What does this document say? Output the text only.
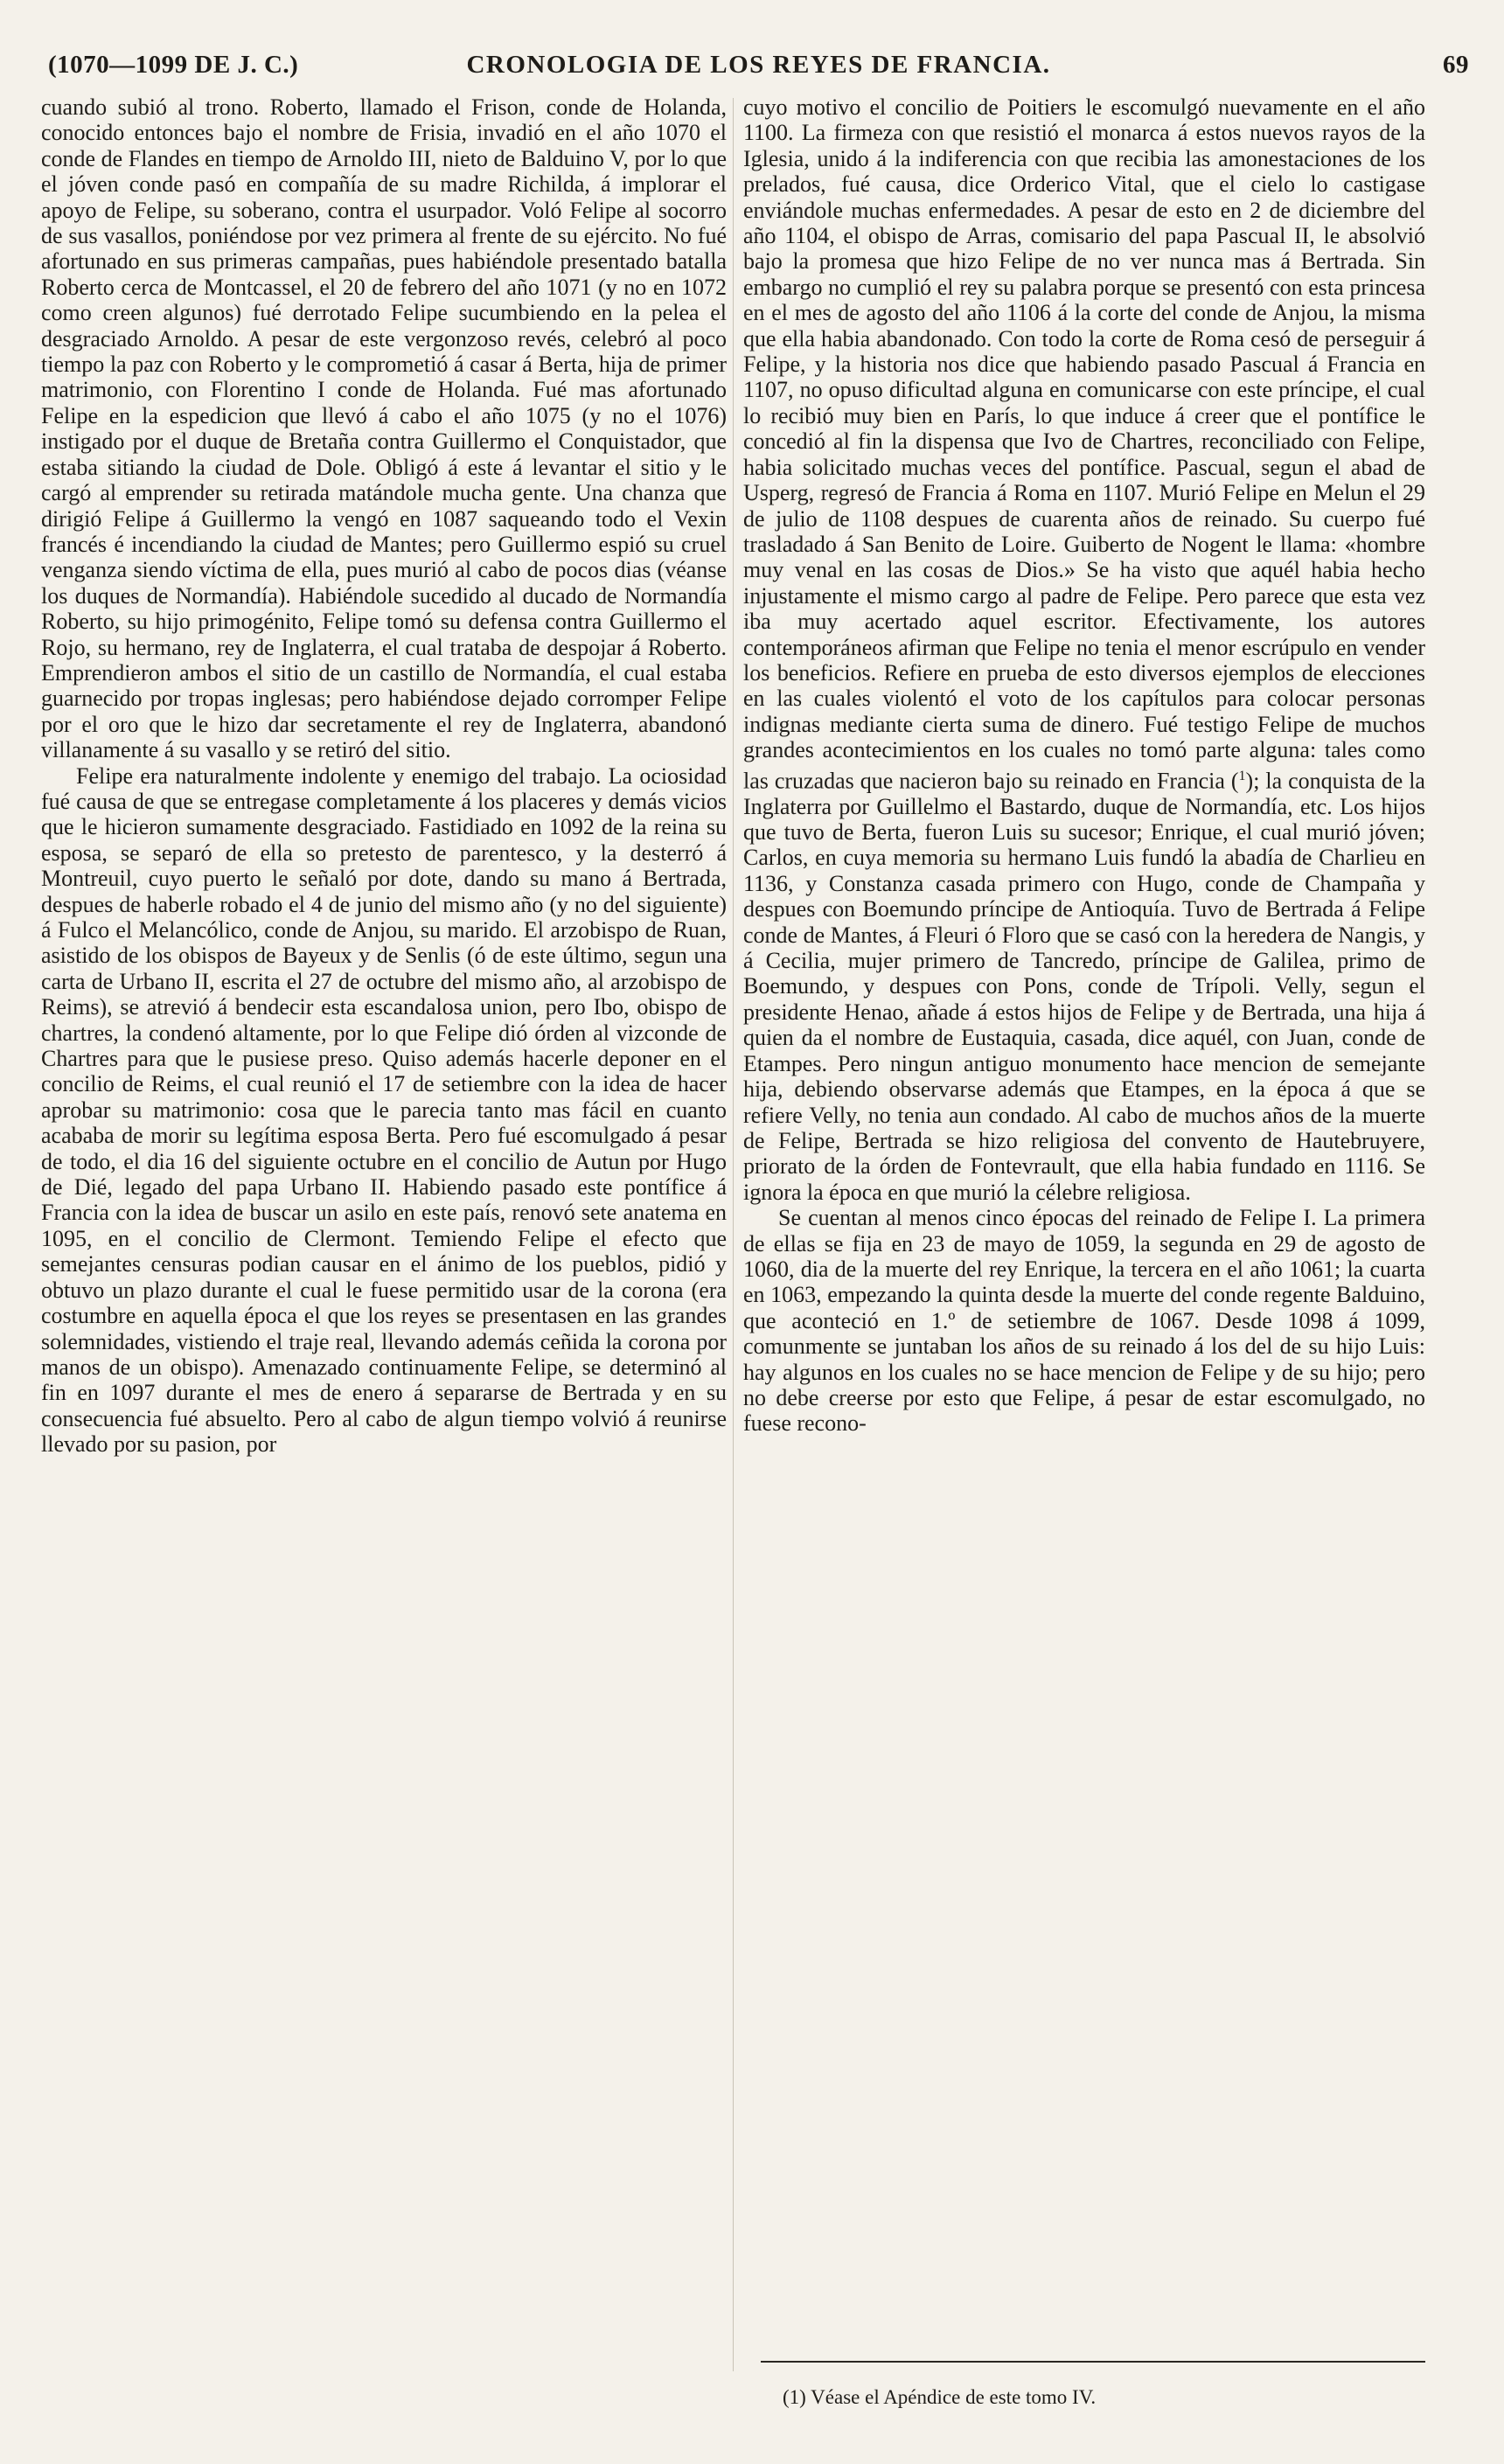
(1070—1099 DE J. C.)	CRONOLOGIA DE LOS REYES DE FRANCIA.	69

cuando subió al trono. Roberto, llamado el Frison, conde de Holanda, conocido entonces bajo el nombre de Frisia, invadió en el año 1070 el conde de Flandes en tiempo de Arnoldo III, nieto de Balduino V, por lo que el jóven conde pasó en compañía de su madre Richilda, á implorar el apoyo de Felipe, su soberano, contra el usurpador. Voló Felipe al socorro de sus vasallos, poniéndose por vez primera al frente de su ejército. No fué afortunado en sus primeras campañas, pues habiéndole presentado batalla Roberto cerca de Montcassel, el 20 de febrero del año 1071 (y no en 1072 como creen algunos) fué derrotado Felipe sucumbiendo en la pelea el desgraciado Arnoldo. A pesar de este vergonzoso revés, celebró al poco tiempo la paz con Roberto y le comprometió á casar á Berta, hija de primer matrimonio, con Florentino I conde de Holanda. Fué mas afortunado Felipe en la espedicion que llevó á cabo el año 1075 (y no el 1076) instigado por el duque de Bretaña contra Guillermo el Conquistador, que estaba sitiando la ciudad de Dole. Obligó á este á levantar el sitio y le cargó al emprender su retirada matándole mucha gente. Una chanza que dirigió Felipe á Guillermo la vengó en 1087 saqueando todo el Vexin francés é incendiando la ciudad de Mantes; pero Guillermo espió su cruel venganza siendo víctima de ella, pues murió al cabo de pocos dias (véanse los duques de Normandía). Habiéndole sucedido al ducado de Normandía Roberto, su hijo primogénito, Felipe tomó su defensa contra Guillermo el Rojo, su hermano, rey de Inglaterra, el cual trataba de despojar á Roberto. Emprendieron ambos el sitio de un castillo de Normandía, el cual estaba guarnecido por tropas inglesas; pero habiéndose dejado corromper Felipe por el oro que le hizo dar secretamente el rey de Inglaterra, abandonó villanamente á su vasallo y se retiró del sitio.

Felipe era naturalmente indolente y enemigo del trabajo. La ociosidad fué causa de que se entregase completamente á los placeres y demás vicios que le hicieron sumamente desgraciado. Fastidiado en 1092 de la reina su esposa, se separó de ella so pretesto de parentesco, y la desterró á Montreuil, cuyo puerto le señaló por dote, dando su mano á Bertrada, despues de haberle robado el 4 de junio del mismo año (y no del siguiente) á Fulco el Melancólico, conde de Anjou, su marido. El arzobispo de Ruan, asistido de los obispos de Bayeux y de Senlis (ó de este último, segun una carta de Urbano II, escrita el 27 de octubre del mismo año, al arzobispo de Reims), se atrevió á bendecir esta escandalosa union, pero Ibo, obispo de chartres, la condenó altamente, por lo que Felipe dió órden al vizconde de Chartres para que le pusiese preso. Quiso además hacerle deponer en el concilio de Reims, el cual reunió el 17 de setiembre con la idea de hacer aprobar su matrimonio: cosa que le parecia tanto mas fácil en cuanto acababa de morir su legítima esposa Berta. Pero fué escomulgado á pesar de todo, el dia 16 del siguiente octubre en el concilio de Autun por Hugo de Dié, legado del papa Urbano II. Habiendo pasado este pontífice á Francia con la idea de buscar un asilo en este país, renovó sete anatema en 1095, en el concilio de Clermont. Temiendo Felipe el efecto que semejantes censuras podian causar en el ánimo de los pueblos, pidió y obtuvo un plazo durante el cual le fuese permitido usar de la corona (era costumbre en aquella época el que los reyes se presentasen en las grandes solemnidades, vistiendo el traje real, llevando además ceñida la corona por manos de un obispo). Amenazado continuamente Felipe, se determinó al fin en 1097 durante el mes de enero á separarse de Bertrada y en su consecuencia fué absuelto. Pero al cabo de algun tiempo volvió á reunirse llevado por su pasion, por

cuyo motivo el concilio de Poitiers le escomulgó nuevamente en el año 1100. La firmeza con que resistió el monarca á estos nuevos rayos de la Iglesia, unido á la indiferencia con que recibia las amonestaciones de los prelados, fué causa, dice Orderico Vital, que el cielo lo castigase enviándole muchas enfermedades. A pesar de esto en 2 de diciembre del año 1104, el obispo de Arras, comisario del papa Pascual II, le absolvió bajo la promesa que hizo Felipe de no ver nunca mas á Bertrada. Sin embargo no cumplió el rey su palabra porque se presentó con esta princesa en el mes de agosto del año 1106 á la corte del conde de Anjou, la misma que ella habia abandonado. Con todo la corte de Roma cesó de perseguir á Felipe, y la historia nos dice que habiendo pasado Pascual á Francia en 1107, no opuso dificultad alguna en comunicarse con este príncipe, el cual lo recibió muy bien en París, lo que induce á creer que el pontífice le concedió al fin la dispensa que Ivo de Chartres, reconciliado con Felipe, habia solicitado muchas veces del pontífice. Pascual, segun el abad de Usperg, regresó de Francia á Roma en 1107. Murió Felipe en Melun el 29 de julio de 1108 despues de cuarenta años de reinado. Su cuerpo fué trasladado á San Benito de Loire. Guiberto de Nogent le llama: «hombre muy venal en las cosas de Dios.» Se ha visto que aquél habia hecho injustamente el mismo cargo al padre de Felipe. Pero parece que esta vez iba muy acertado aquel escritor. Efectivamente, los autores contemporáneos afirman que Felipe no tenia el menor escrúpulo en vender los beneficios. Refiere en prueba de esto diversos ejemplos de elecciones en las cuales violentó el voto de los capítulos para colocar personas indignas mediante cierta suma de dinero. Fué testigo Felipe de muchos grandes acontecimientos en los cuales no tomó parte alguna: tales como las cruzadas que nacieron bajo su reinado en Francia ($^1$); la conquista de la Inglaterra por Guillelmo el Bastardo, duque de Normandía, etc. Los hijos que tuvo de Berta, fueron Luis su sucesor; Enrique, el cual murió jóven; Carlos, en cuya memoria su hermano Luis fundó la abadía de Charlieu en 1136, y Constanza casada primero con Hugo, conde de Champaña y despues con Boemundo príncipe de Antioquía. Tuvo de Bertrada á Felipe conde de Mantes, á Fleuri ó Floro que se casó con la heredera de Nangis, y á Cecilia, mujer primero de Tancredo, príncipe de Galilea, primo de Boemundo, y despues con Pons, conde de Trípoli. Velly, segun el presidente Henao, añade á estos hijos de Felipe y de Bertrada, una hija á quien da el nombre de Eustaquia, casada, dice aquél, con Juan, conde de Etampes. Pero ningun antiguo monumento hace mencion de semejante hija, debiendo observarse además que Etampes, en la época á que se refiere Velly, no tenia aun condado. Al cabo de muchos años de la muerte de Felipe, Bertrada se hizo religiosa del convento de Hautebruyere, priorato de la órden de Fontevrault, que ella habia fundado en 1116. Se ignora la época en que murió la célebre religiosa.

Se cuentan al menos cinco épocas del reinado de Felipe I. La primera de ellas se fija en 23 de mayo de 1059, la segunda en 29 de agosto de 1060, dia de la muerte del rey Enrique, la tercera en el año 1061; la cuarta en 1063, empezando la quinta desde la muerte del conde regente Balduino, que aconteció en 1.º de setiembre de 1067. Desde 1098 á 1099, comunmente se juntaban los años de su reinado á los del de su hijo Luis: hay algunos en los cuales no se hace mencion de Felipe y de su hijo; pero no debe creerse por esto que Felipe, á pesar de estar escomulgado, no fuese recono-

(1) Véase el Apéndice de este tomo IV.
